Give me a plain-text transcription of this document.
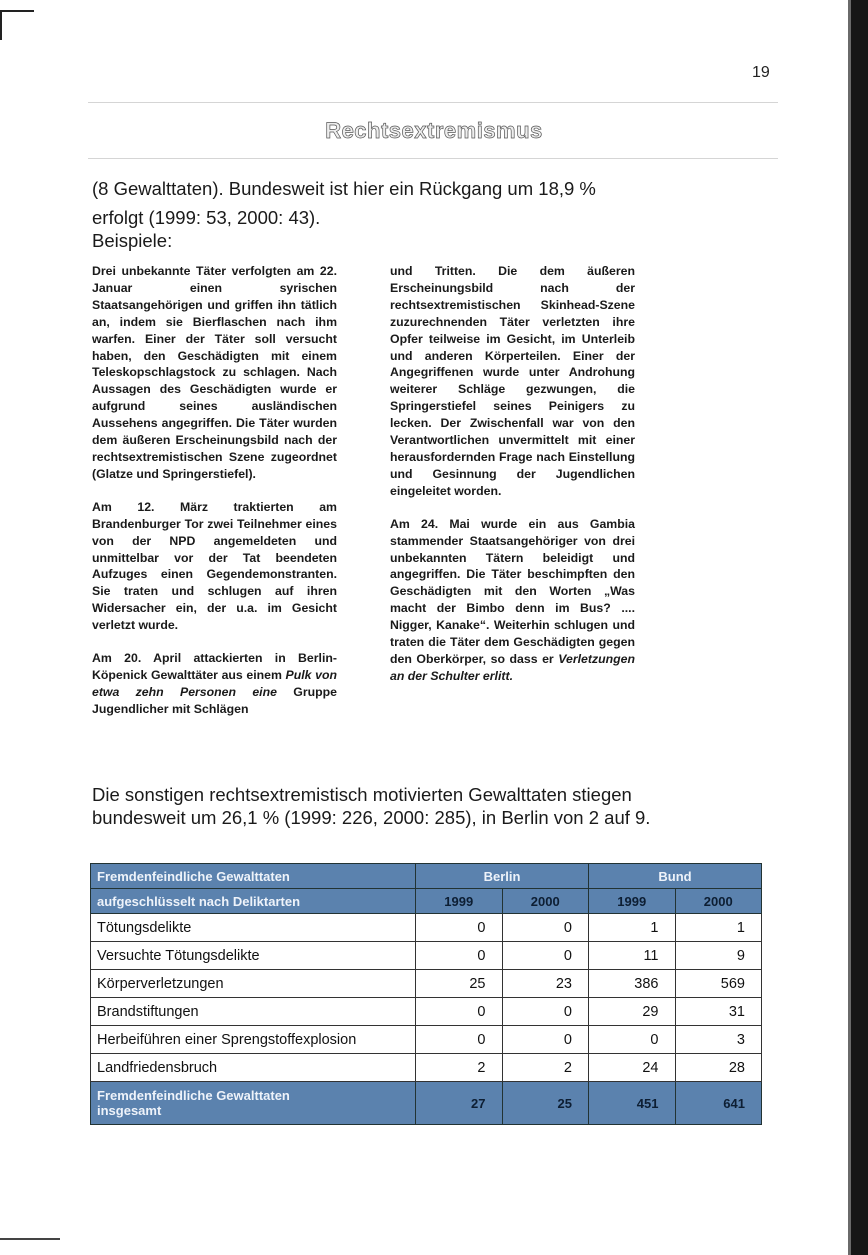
19
Rechtsextremismus
(8 Gewalttaten). Bundesweit ist hier ein Rückgang um 18,9 % erfolgt (1999: 53, 2000: 43).
Beispiele:

Drei unbekannte Täter verfolgten am 22. Januar einen syrischen Staatsangehörigen und griffen ihn tätlich an, indem sie Bierflaschen nach ihm warfen. Einer der Täter soll versucht haben, den Geschädigten mit einem Teleskopschlagstock zu schlagen. Nach Aussagen des Geschädigten wurde er aufgrund seines ausländischen Aussehens angegriffen. Die Täter wurden dem äußeren Erscheinungsbild nach der rechtsextremistischen Szene zugeordnet (Glatze und Springerstiefel).

Am 12. März traktierten am Brandenburger Tor zwei Teilnehmer eines von der NPD angemeldeten und unmittelbar vor der Tat beendeten Aufzuges einen Gegendemonstranten. Sie traten und schlugen auf ihren Widersacher ein, der u.a. im Gesicht verletzt wurde.

Am 20. April attackierten in Berlin-Köpenick Gewalttäter aus einem Pulk von etwa zehn Personen eine Gruppe Jugendlicher mit Schlägen

und Tritten. Die dem äußeren Erscheinungsbild nach der rechtsextremistischen Skinhead-Szene zuzurechnenden Täter verletzten ihre Opfer teilweise im Gesicht, im Unterleib und anderen Körperteilen. Einer der Angegriffenen wurde unter Androhung weiterer Schläge gezwungen, die Springerstiefel seines Peinigers zu lecken. Der Zwischenfall war von den Verantwortlichen unvermittelt mit einer herausfordernden Frage nach Einstellung und Gesinnung der Jugendlichen eingeleitet worden.

Am 24. Mai wurde ein aus Gambia stammender Staatsangehöriger von drei unbekannten Tätern beleidigt und angegriffen. Die Täter beschimpften den Geschädigten mit den Worten „Was macht der Bimbo denn im Bus? .... Nigger, Kanake“. Weiterhin schlugen und traten die Täter dem Geschädigten gegen den Oberkörper, so dass er Verletzungen an der Schulter erlitt.

Die sonstigen rechtsextremistisch motivierten Gewalttaten stiegen bundesweit um 26,1 % (1999: 226, 2000: 285), in Berlin von 2 auf 9.
Fremdenfeindliche Gewalttaten	Berlin		Bund	
aufgeschlüsselt nach Deliktarten	1999	2000	1999	2000
Tötungsdelikte	0	0	1	1
Versuchte Tötungsdelikte	0	0	11	9
Körperverletzungen	25	23	386	569
Brandstiftungen	0	0	29	31
Herbeiführen einer Sprengstoffexplosion	0	0	0	3
Landfriedensbruch	2	2	24	28
Fremdenfeindliche Gewalttaten
insgesamt	27	25	451	641
